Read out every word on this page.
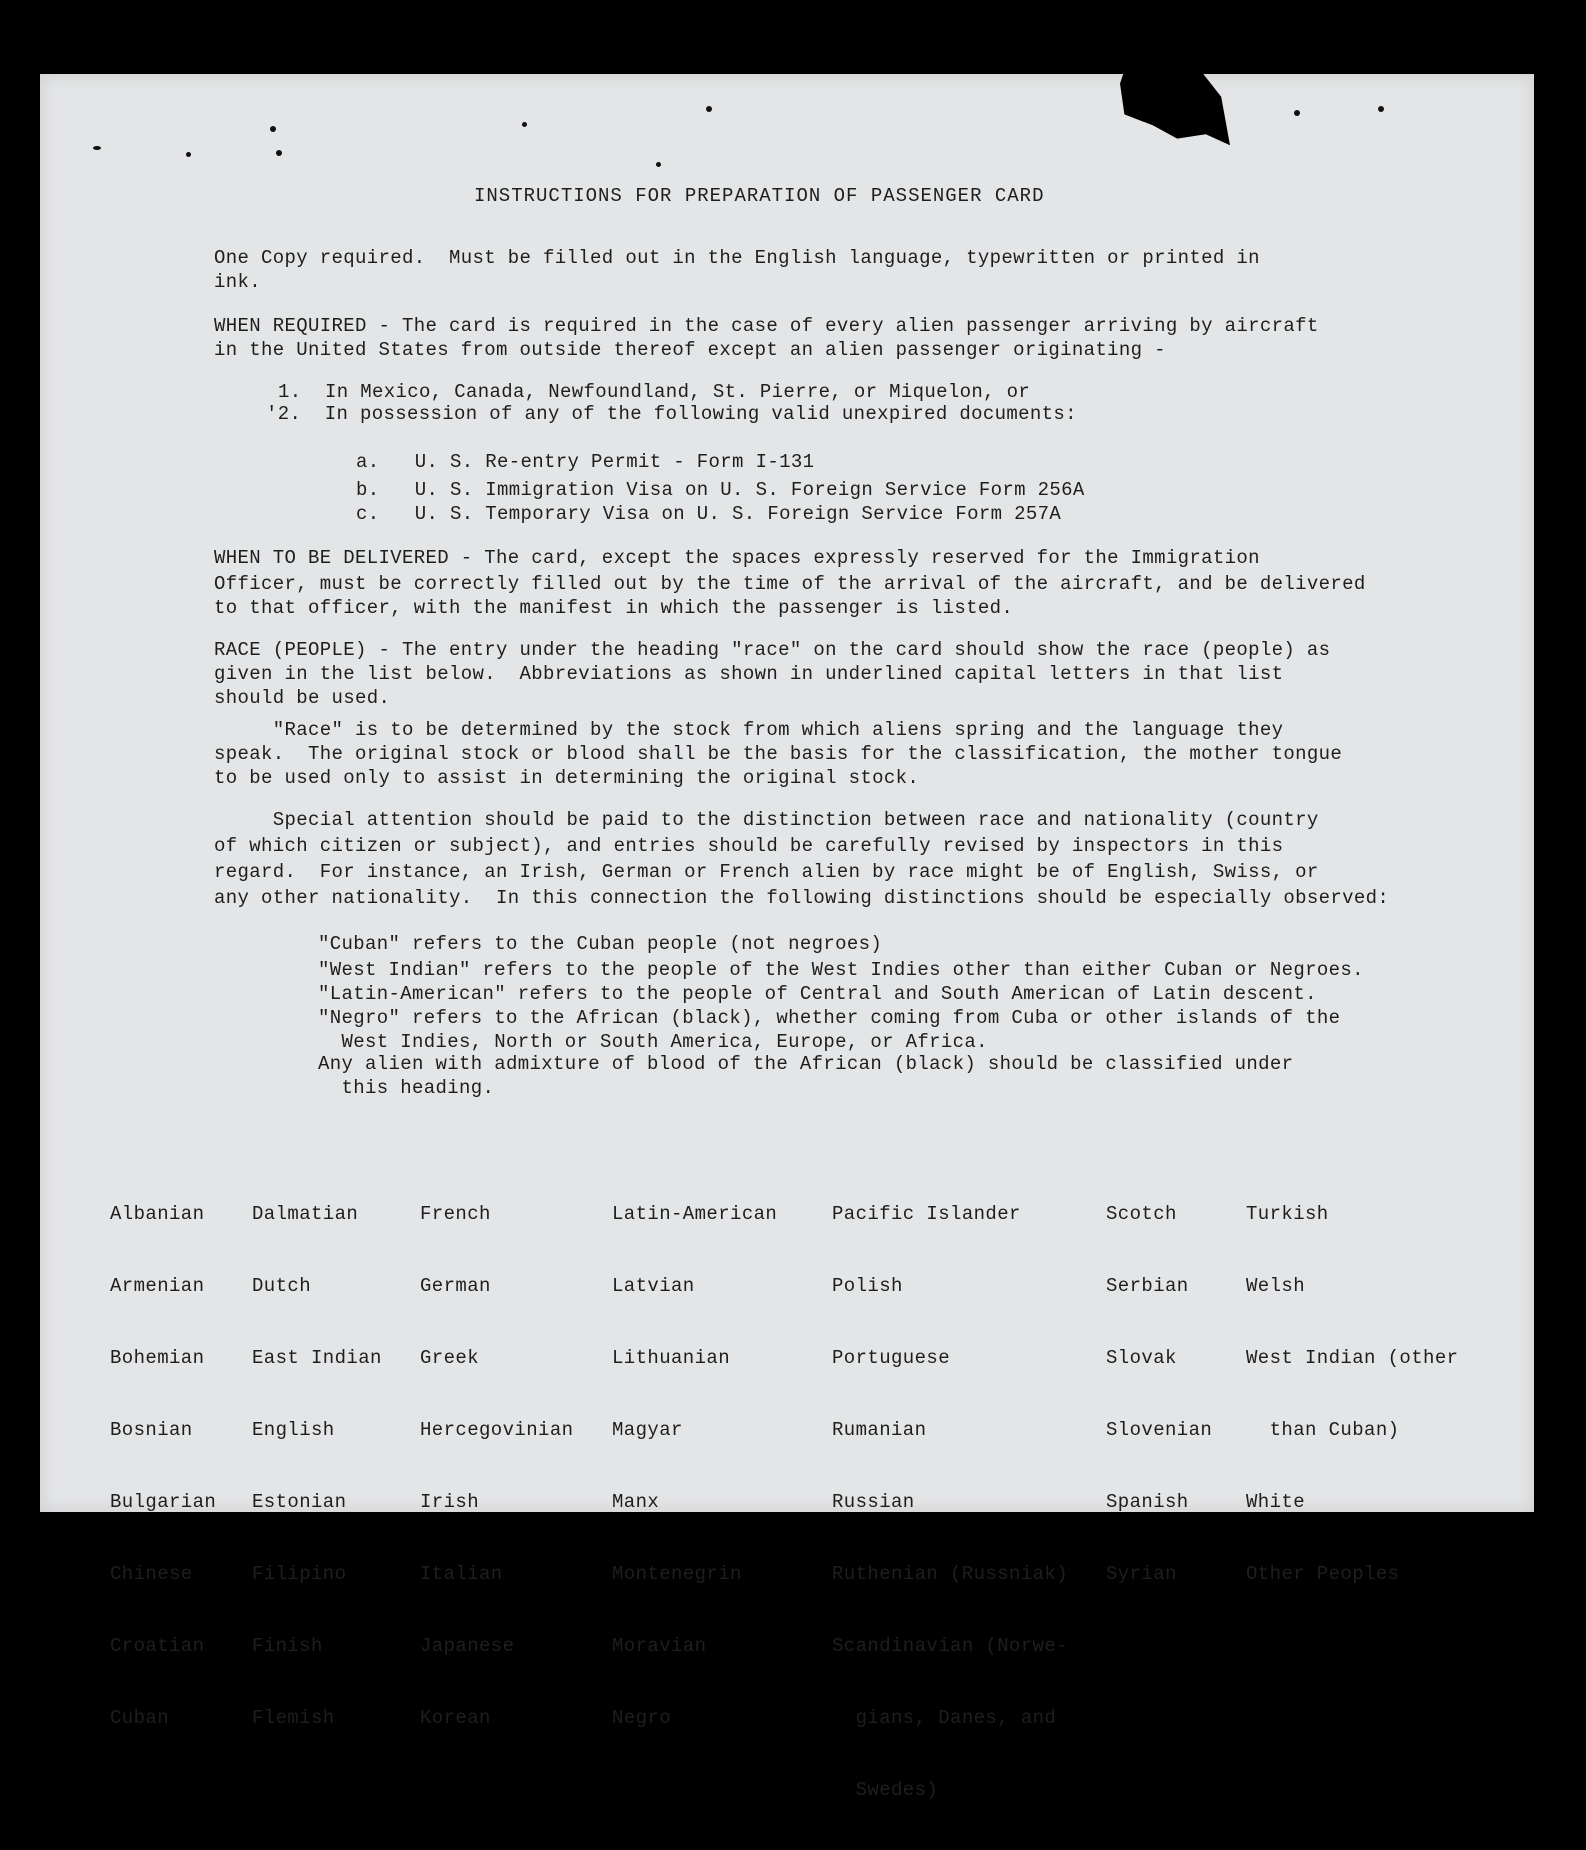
INSTRUCTIONS FOR PREPARATION OF PASSENGER CARD
One Copy required.  Must be filled out in the English language, typewritten or printed in
ink.
WHEN REQUIRED - The card is required in the case of every alien passenger arriving by aircraft
in the United States from outside thereof except an alien passenger originating -
1.  In Mexico, Canada, Newfoundland, St. Pierre, or Miquelon, or
'2.  In possession of any of the following valid unexpired documents:
a.   U. S. Re-entry Permit - Form I-131
b.   U. S. Immigration Visa on U. S. Foreign Service Form 256A
c.   U. S. Temporary Visa on U. S. Foreign Service Form 257A
WHEN TO BE DELIVERED - The card, except the spaces expressly reserved for the Immigration
Officer, must be correctly filled out by the time of the arrival of the aircraft, and be delivered
to that officer, with the manifest in which the passenger is listed.
RACE (PEOPLE) - The entry under the heading "race" on the card should show the race (people) as
given in the list below.  Abbreviations as shown in underlined capital letters in that list
should be used.
"Race" is to be determined by the stock from which aliens spring and the language they
speak.  The original stock or blood shall be the basis for the classification, the mother tongue
to be used only to assist in determining the original stock.
Special attention should be paid to the distinction between race and nationality (country
of which citizen or subject), and entries should be carefully revised by inspectors in this
regard.  For instance, an Irish, German or French alien by race might be of English, Swiss, or
any other nationality.  In this connection the following distinctions should be especially observed:
"Cuban" refers to the Cuban people (not negroes)
"West Indian" refers to the people of the West Indies other than either Cuban or Negroes.
"Latin-American" refers to the people of Central and South American of Latin descent.
"Negro" refers to the African (black), whether coming from Cuba or other islands of the
West Indies, North or South America, Europe, or Africa.
Any alien with admixture of blood of the African (black) should be classified under
this heading.

Albanian

Armenian

Bohemian

Bosnian

Bulgarian

Chinese

Croatian

Cuban

Dalmatian

Dutch

East Indian

English

Estonian

Filipino

Finish

Flemish

French

German

Greek

Hercegovinian

Irish

Italian

Japanese

Korean

Latin-American

Latvian

Lithuanian

Magyar

Manx

Montenegrin

Moravian

Negro

Pacific Islander

Polish

Portuguese

Rumanian

Russian

Ruthenian (Russniak)

Scandinavian (Norwe-

gians, Danes, and

Swedes)

Scotch

Serbian

Slovak

Slovenian

Spanish

Syrian

Turkish

Welsh

West Indian (other

than Cuban)

White

Other Peoples
